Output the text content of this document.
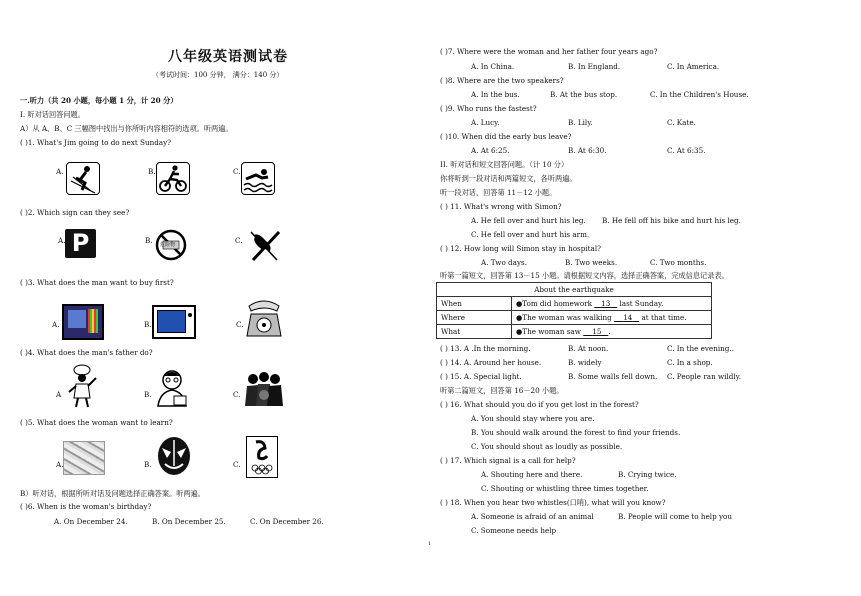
八年级英语测试卷
（考试时间：100 分钟， 满分：140 分）
一.听力（共 20 小题，每小题 1 分，计 20 分）
I. 听对话回答问题。
A）从 A、B、C 三幅图中找出与你所听内容相符的选项。听两遍。
( )1. What's Jim going to do next Sunday?
A.	B.	C.
( )2. Which sign can they see?
A. P	B. 危险物	C.
( )3. What does the man want to buy first?
A.	B.	C.
( )4. What does the man's father do?
A	B.	C.
( )5. What does the woman want to learn?
A.	B.	C.
B）听对话，根据所听对话及问题选择正确答案。听两遍。
( )6. When is the woman's birthday?
A. On December 24.	B. On December 25.	C. On December 26.
( )7. Where were the woman and her father four years ago?
A. In China.	B. In England.	C. In America.
( )8. Where are the two speakers?
A. In the bus.	B. At the bus stop.	C. In the Children's House.
( )9. Who runs the fastest?
A. Lucy.	B. Lily.	C. Kate.
( )10. When did the early bus leave?
A. At 6:25.	B. At 6:30.	C. At 6:35.
II. 听对话和短文回答问题。（计 10 分）
你将听到一段对话和两篇短文，各听两遍。
听一段对话，回答第 11－12 小题。
( ) 11. What's wrong with Simon?
A. He fell over and hurt his leg. B. He fell off his bike and hurt his leg.
C. He fell over and hurt his arm.
( ) 12. How long will Simon stay in hospital?
A. Two days.	B. Two weeks.	C. Two months.
听第一篇短文，回答第 13－15 小题。请根据短文内容，选择正确答案，完成信息记录表。
About the earthquake	
When	●Tom did homework 13 last Sunday.
Where	●The woman was walking 14 at that time.
What	●The woman saw 15 .
( ) 13. A .In the morning.	B. At noon.	C. In the evening..
( ) 14. A. Around her house.	B. widely	C. In a shop.
( ) 15. A. Special light.	B. Some walls fell down. C. People ran wildly.
听第二篇短文，回答第 16－20 小题。
( ) 16. What should you do if you get lost in the forest?
A. You should stay where you are.
B. You should walk around the forest to find your friends.
C. You should shout as loudly as possible.
( ) 17. Which signal is a call for help?
A. Shouting here and there.	B. Crying twice.
C. Shouting or whistling three times together.
( ) 18. When you hear two whistles(口哨), what will you know?
A. Someone is afraid of an animal	B. People will come to help you
C. Someone needs help
1
